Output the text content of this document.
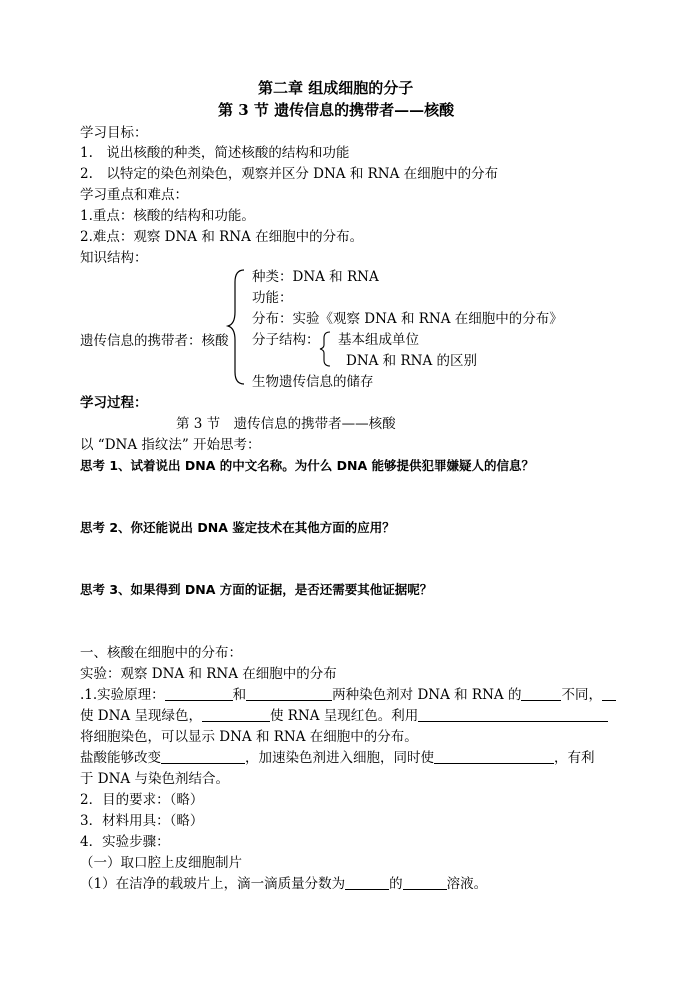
第二章 组成细胞的分子
第 3 节 遗传信息的携带者——核酸
学习目标：
1.　说出核酸的种类，简述核酸的结构和功能
2.　以特定的染色剂染色，观察并区分 DNA 和 RNA 在细胞中的分布
学习重点和难点：
1.重点：核酸的结构和功能。
2.难点：观察 DNA 和 RNA 在细胞中的分布。
知识结构：
遗传信息的携带者：核酸
种类：DNA 和 RNA
功能：
分布：实验《观察 DNA 和 RNA 在细胞中的分布》
分子结构： 基本组成单位
DNA 和 RNA 的区别
生物遗传信息的储存
学习过程：
第 3 节　遗传信息的携带者——核酸
以 “DNA 指纹法” 开始思考：
思考 1、试着说出 DNA 的中文名称。为什么 DNA 能够提供犯罪嫌疑人的信息？
思考 2、你还能说出 DNA 鉴定技术在其他方面的应用？
思考 3、如果得到 DNA 方面的证据，是否还需要其他证据呢？
一、核酸在细胞中的分布：
实验：观察 DNA 和 RNA 在细胞中的分布
.1.实验原理：	和	两种染色剂对 DNA 和 RNA 的	不同，
使 DNA 呈现绿色，	使 RNA 呈现红色。利用
将细胞染色，可以显示 DNA 和 RNA 在细胞中的分布。
盐酸能够改变	，加速染色剂进入细胞，同时使	，有利
于 DNA 与染色剂结合。
2．目的要求：（略）
3．材料用具：（略）
4．实验步骤：
（一）取口腔上皮细胞制片
（1）在洁净的载玻片上，滴一滴质量分数为	的	溶液。
